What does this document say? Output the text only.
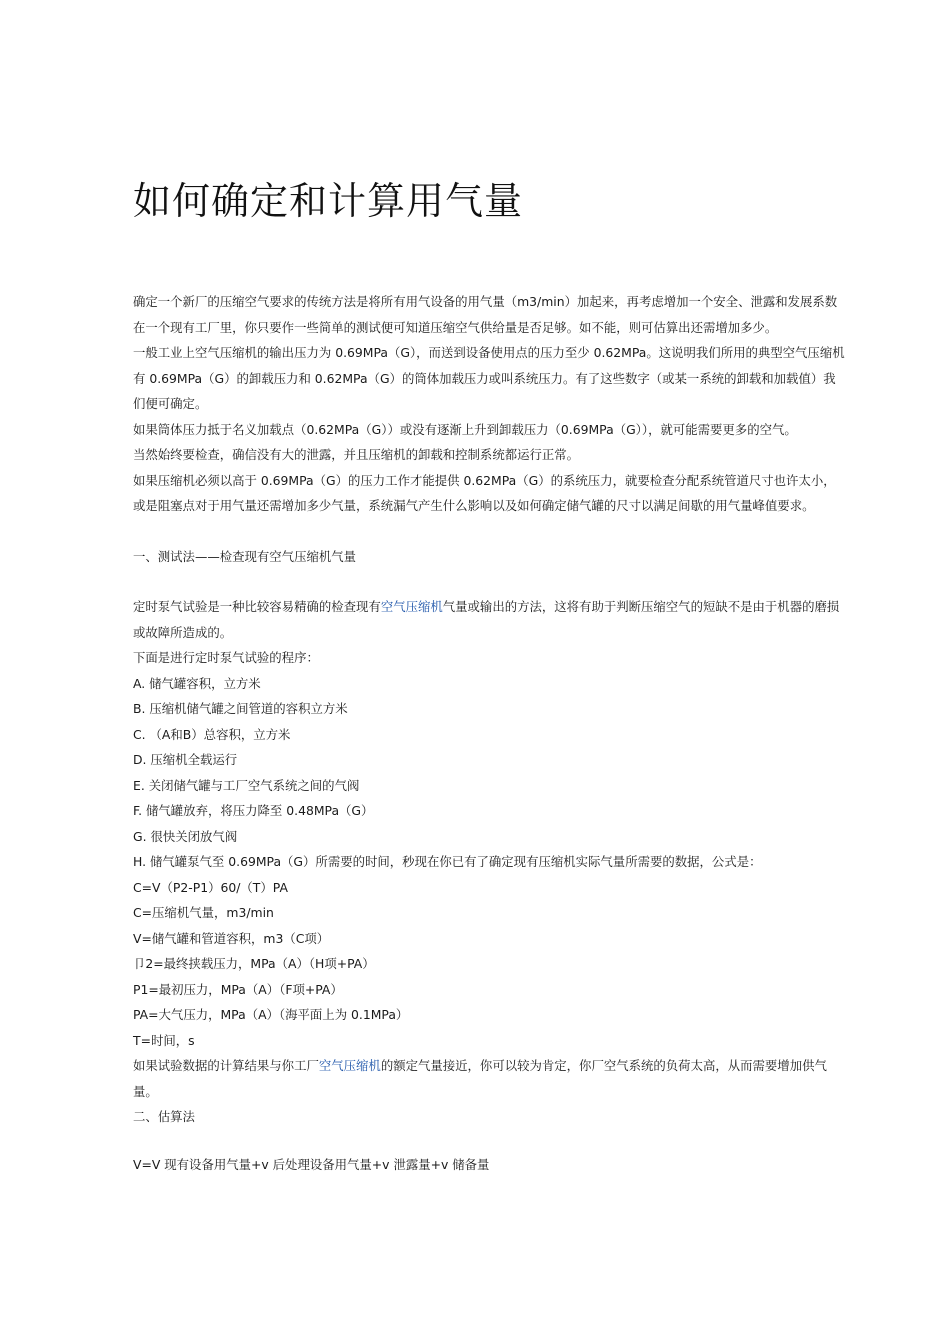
如何确定和计算用气量

确定一个新厂的压缩空气要求的传统方法是将所有用气设备的用气量（m3/min）加起来，再考虑增加一个安全、泄露和发展系数

在一个现有工厂里，你只要作一些简单的测试便可知道压缩空气供给量是否足够。如不能，则可估算出还需增加多少。

一般工业上空气压缩机的输出压力为 0.69MPa（G），而送到设备使用点的压力至少 0.62MPa。这说明我们所用的典型空气压缩机有 0.69MPa（G）的卸载压力和 0.62MPa（G）的筒体加载压力或叫系统压力。有了这些数字（或某一系统的卸载和加载值）我们便可确定。

如果筒体压力抵于名义加载点（0.62MPa（G））或没有逐渐上升到卸载压力（0.69MPa（G）），就可能需要更多的空气。

当然始终要检查，确信没有大的泄露，并且压缩机的卸载和控制系统都运行正常。

如果压缩机必须以高于 0.69MPa（G）的压力工作才能提供 0.62MPa（G）的系统压力，就要检查分配系统管道尺寸也许太小，或是阻塞点对于用气量还需增加多少气量，系统漏气产生什么影响以及如何确定储气罐的尺寸以满足间歇的用气量峰值要求。

一、测试法——检查现有空气压缩机气量

定时泵气试验是一种比较容易精确的检查现有空气压缩机气量或输出的方法，这将有助于判断压缩空气的短缺不是由于机器的磨损或故障所造成的。

下面是进行定时泵气试验的程序：

A. 储气罐容积，立方米

B. 压缩机储气罐之间管道的容积立方米

C. （A和B）总容积，立方米

D. 压缩机全载运行

E. 关闭储气罐与工厂空气系统之间的气阀

F. 储气罐放弃，将压力降至 0.48MPa（G）

G. 很快关闭放气阀

H. 储气罐泵气至 0.69MPa（G）所需要的时间，秒现在你已有了确定现有压缩机实际气量所需要的数据，公式是：

C=V（P2-P1）60/（T）PA

C=压缩机气量，m3/min

V=储气罐和管道容积，m3（C项）

卩2=最终挟载压力，MPa（A）（H项+PA）

P1=最初压力，MPa（A）（F项+PA）

PA=大气压力，MPa（A）（海平面上为 0.1MPa）

T=时间，s

如果试验数据的计算结果与你工厂空气压缩机的额定气量接近，你可以较为肯定，你厂空气系统的负荷太高，从而需要增加供气量。

二、估算法

V=V 现有设备用气量+v 后处理设备用气量+v 泄露量+v 储备量
